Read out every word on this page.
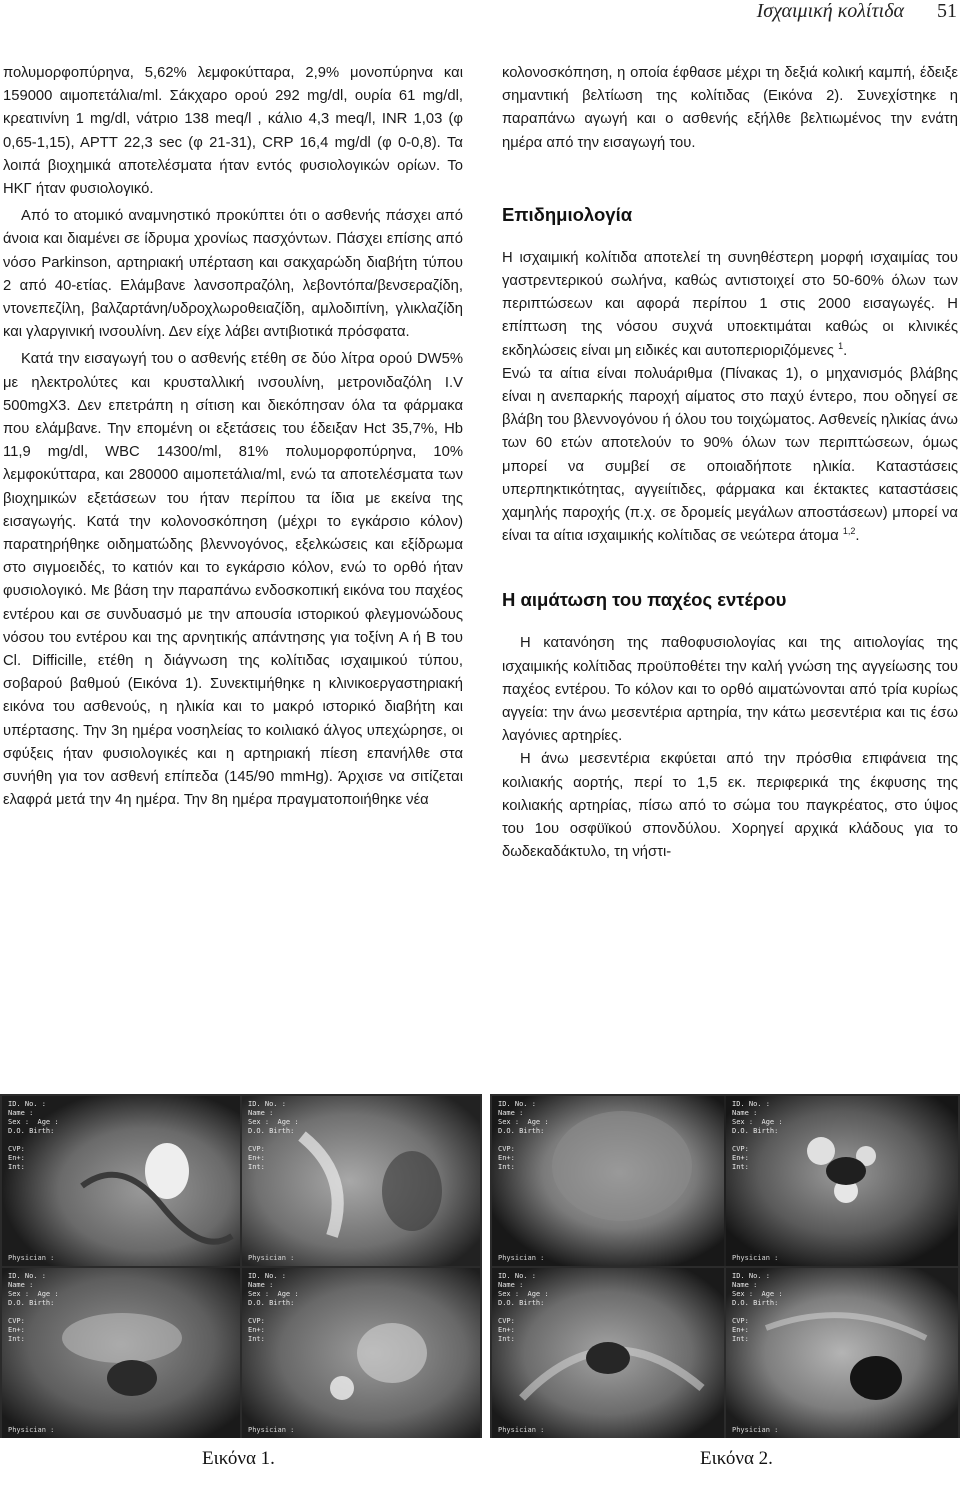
Ισχαιμική κολίτιδα 51

πολυμορφοπύρηνα, 5,62% λεμφοκύτταρα, 2,9% μονοπύρηνα και 159000 αιμοπετάλια/ml. Σάκχαρο ορού 292 mg/dl, ουρία 61 mg/dl, κρεατινίνη 1 mg/dl, νάτριο 138 meq/l , κάλιο 4,3 meq/l, INR 1,03 (φ 0,65-1,15), APTT 22,3 sec (φ 21-31), CRP 16,4 mg/dl (φ 0-0,8). Τα λοιπά βιοχημικά αποτελέσματα ήταν εντός φυσιολογικών ορίων. Το ΗΚΓ ήταν φυσιολογικό.

Από το ατομικό αναμνηστικό προκύπτει ότι ο ασθενής πάσχει από άνοια και διαμένει σε ίδρυμα χρονίως πασχόντων. Πάσχει επίσης από νόσο Parkinson, αρτηριακή υπέρταση και σακχαρώδη διαβήτη τύπου 2 από 40-ετίας. Ελάμβανε λανσοπραζόλη, λεβοντόπα/βενσεραζίδη, ντονεπεζίλη, βαλζαρτάνη/υδροχλωροθειαζίδη, αμλοδιπίνη, γλικλαζίδη και γλαργινική ινσουλίνη. Δεν είχε λάβει αντιβιοτικά πρόσφατα.

Κατά την εισαγωγή του ο ασθενής ετέθη σε δύο λίτρα ορού DW5% με ηλεκτρολύτες και κρυσταλλική ινσουλίνη, μετρονιδαζόλη I.V 500mgX3. Δεν επετράπη η σίτιση και διεκόπησαν όλα τα φάρμακα που ελάμβανε. Την επομένη οι εξετάσεις του έδειξαν Hct 35,7%, Hb 11,9 mg/dl, WBC 14300/ml, 81% πολυμορφοπύρηνα, 10% λεμφοκύτταρα, και 280000 αιμοπετάλια/ml, ενώ τα αποτελέσματα των βιοχημικών εξετάσεων του ήταν περίπου τα ίδια με εκείνα της εισαγωγής. Κατά την κολονοσκόπηση (μέχρι το εγκάρσιο κόλον) παρατηρήθηκε οιδηματώδης βλεννογόνος, εξελκώσεις και εξίδρωμα στο σιγμοειδές, το κατιόν και το εγκάρσιο κόλον, ενώ το ορθό ήταν φυσιολογικό. Με βάση την παραπάνω ενδοσκοπική εικόνα του παχέος εντέρου και σε συνδυασμό με την απουσία ιστορικού φλεγμονώδους νόσου του εντέρου και της αρνητικής απάντησης για τοξίνη A ή B του Cl. Difficille, ετέθη η διάγνωση της κολίτιδας ισχαιμικού τύπου, σοβαρού βαθμού (Εικόνα 1). Συνεκτιμήθηκε η κλινικοεργαστηριακή εικόνα του ασθενούς, η ηλικία και το μακρό ιστορικό διαβήτη και υπέρτασης. Την 3η ημέρα νοσηλείας το κοιλιακό άλγος υπεχώρησε, οι σφύξεις ήταν φυσιολογικές και η αρτηριακή πίεση επανήλθε στα συνήθη για τον ασθενή επίπεδα (145/90 mmHg). Άρχισε να σιτίζεται ελαφρά μετά την 4η ημέρα. Την 8η ημέρα πραγματοποιήθηκε νέα

κολονοσκόπηση, η οποία έφθασε μέχρι τη δεξιά κολική καμπή, έδειξε σημαντική βελτίωση της κολίτιδας (Εικόνα 2). Συνεχίστηκε η παραπάνω αγωγή και ο ασθενής εξήλθε βελτιωμένος την ενάτη ημέρα από την εισαγωγή του.

Επιδημιολογία

Η ισχαιμική κολίτιδα αποτελεί τη συνηθέστερη μορφή ισχαιμίας του γαστρεντερικού σωλήνα, καθώς αντιστοιχεί στο 50-60% όλων των περιπτώσεων και αφορά περίπου 1 στις 2000 εισαγωγές. Η επίπτωση της νόσου συχνά υποεκτιμάται καθώς οι κλινικές εκδηλώσεις είναι μη ειδικές και αυτοπεριοριζόμενες $^1$.

Ενώ τα αίτια είναι πολυάριθμα (Πίνακας 1), ο μηχανισμός βλάβης είναι η ανεπαρκής παροχή αίματος στο παχύ έντερο, που οδηγεί σε βλάβη του βλεννογόνου ή όλου του τοιχώματος. Ασθενείς ηλικίας άνω των 60 ετών αποτελούν το 90% όλων των περιπτώσεων, όμως μπορεί να συμβεί σε οποιαδήποτε ηλικία. Καταστάσεις υπερπηκτικότητας, αγγειίτιδες, φάρμακα και έκτακτες καταστάσεις χαμηλής παροχής (π.χ. σε δρομείς μεγάλων αποστάσεων) μπορεί να είναι τα αίτια ισχαιμικής κολίτιδας σε νεώτερα άτομα $^{1,2}$.

Η αιμάτωση του παχέος εντέρου

Η κατανόηση της παθοφυσιολογίας και της αιτιολογίας της ισχαιμικής κολίτιδας προϋποθέτει την καλή γνώση της αγγείωσης του παχέος εντέρου. Το κόλον και το ορθό αιματώνονται από τρία κυρίως αγγεία: την άνω μεσεντέρια αρτηρία, την κάτω μεσεντέρια και τις έσω λαγόνιες αρτηρίες.

Η άνω μεσεντέρια εκφύεται από την πρόσθια επιφάνεια της κοιλιακής αορτής, περί το 1,5 εκ. περιφερικά της έκφυσης της κοιλιακής αρτηρίας, πίσω από το σώμα του παγκρέατος, στο ύψος του 1ου οσφϋϊκού σπονδύλου. Χορηγεί αρχικά κλάδους για το δωδεκαδάκτυλο, τη νήστι-

ID. No. :
Name :
Sex :  Age :
D.O. Birth:

CVP:
En+:
Int:
Physician :
ID. No. :
Name :
Sex :  Age :
D.O. Birth:

CVP:
En+:
Int:
Physician :
ID. No. :
Name :
Sex :  Age :
D.O. Birth:

CVP:
En+:
Int:
Physician :
ID. No. :
Name :
Sex :  Age :
D.O. Birth:

CVP:
En+:
Int:
Physician :
ID. No. :
Name :
Sex :  Age :
D.O. Birth:

CVP:
En+:
Int:
Physician :
ID. No. :
Name :
Sex :  Age :
D.O. Birth:

CVP:
En+:
Int:
Physician :
ID. No. :
Name :
Sex :  Age :
D.O. Birth:

CVP:
En+:
Int:
Physician :
ID. No. :
Name :
Sex :  Age :
D.O. Birth:

CVP:
En+:
Int:
Physician :
Εικόνα 1.	Εικόνα 2.
